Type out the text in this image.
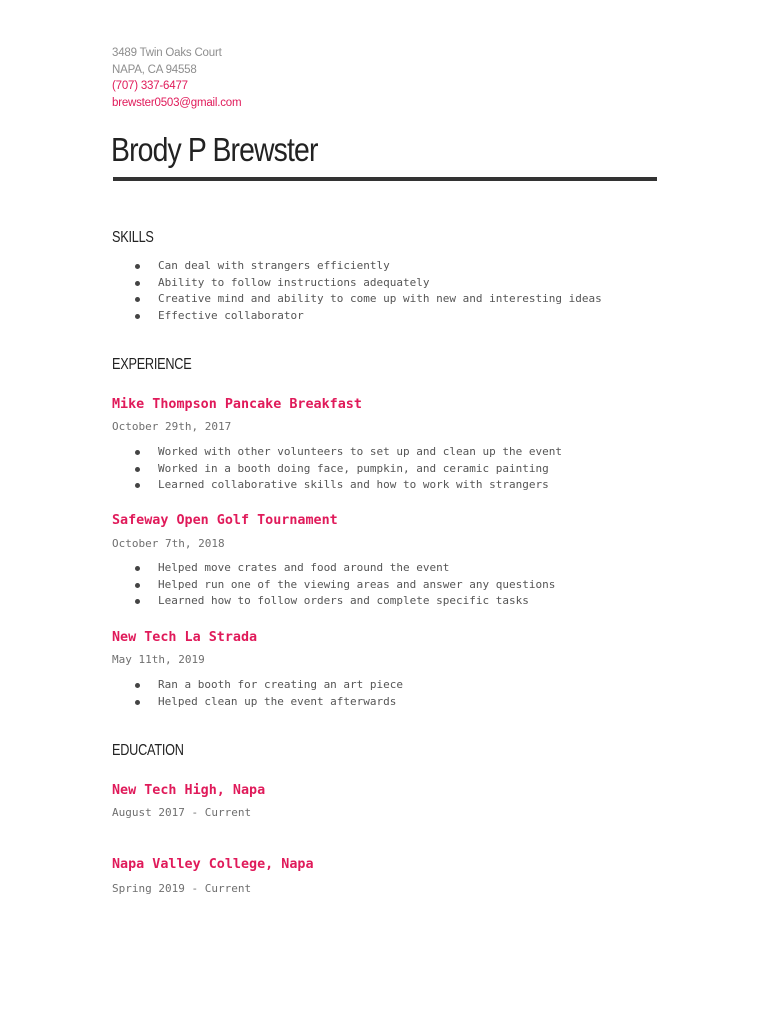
3489 Twin Oaks Court
NAPA, CA 94558
(707) 337-6477
brewster0503@gmail.com
Brody P Brewster
SKILLS
Can deal with strangers efficiently
Ability to follow instructions adequately
Creative mind and ability to come up with new and interesting ideas
Effective collaborator
EXPERIENCE
Mike Thompson Pancake Breakfast
October 29th, 2017
Worked with other volunteers to set up and clean up the event
Worked in a booth doing face, pumpkin, and ceramic painting
Learned collaborative skills and how to work with strangers
Safeway Open Golf Tournament
October 7th, 2018
Helped move crates and food around the event
Helped run one of the viewing areas and answer any questions
Learned how to follow orders and complete specific tasks
New Tech La Strada
May 11th, 2019
Ran a booth for creating an art piece
Helped clean up the event afterwards
EDUCATION
New Tech High, Napa
August 2017 - Current
Napa Valley College, Napa
Spring 2019 - Current
